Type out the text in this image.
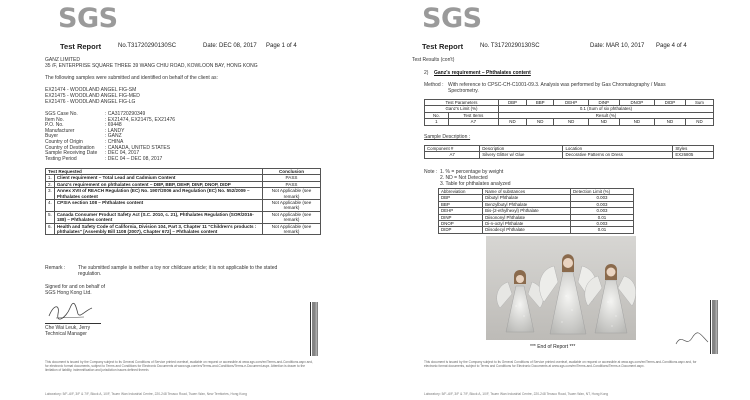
SGS
Test Report	No.T31720290130SC	Date: DEC 08, 2017 Page 1 of 4
GANZ LIMITED
35 /F, ENTERPRISE SQUARE THREE 39 WANG CHIU ROAD, KOWLOON BAY, HONG KONG
The following samples were submitted and identified on behalf of the client as:
EX21474 - WOODLAND ANGEL FIG-SM
EX21475 - WOODLAND ANGEL FIG-MED
EX21476 - WOODLAND ANGEL FIG-LG
SGS Case No.	: CA31720290349
Item No.	: EX21474, EX21475, EX21476
P.O. No.	: 69448
Manufacturer	: LANDY
Buyer	: GANZ
Country of Origin	: CHINA
Country of Destination : CANADA, UNITED STATES
Sample Receiving Date : DEC 04, 2017
Testing Period	: DEC 04 – DEC 08, 2017
Test Requested		Conclusion
1.	Client requirement – Total Lead and Cadmium Content	PASS
2.	Ganz's requirement on phthalates content – DBP, BBP, DEHP, DINP, DNOP, DIDP	PASS
3.	Annex XVII of REACH Regulation (EC) No. 1907/2006 and Regulation (EC) No. 552/2009 – Phthalates content	Not Applicable (see remark)
4.	CPSIA section 108 – Phthalates content	Not Applicable (see remark)
5.	Canada Consumer Product Safety Act (S.C. 2010, c. 21), Phthalates Regulation (SOR/2016-188) – Phthalates content	Not Applicable (see remark)
6.	Health and Safety Code of California, Division 104, Part 3, Chapter 11 "Children's products : phthalates" [Assembly Bill 1108 (2007), Chapter 672] – Phthalates content	Not Applicable (see remark)
Remark :	The submitted sample is neither a toy nor childcare article; it is not applicable to the stated
regulation.
Signed for and on behalf of
SGS Hong Kong Ltd.
Che Wai Leuk, Jerry
Technical Manager
This document is issued by the Company subject to its General Conditions of Service printed overleaf, available on request or accessible at www.sgs.com/en/Terms-and-Conditions.aspx and, for electronic format documents, subject to Terms and Conditions for Electronic Documents at www.sgs.com/en/Terms-and-Conditions/Terms-e-Document.aspx. Attention is drawn to the limitation of liability, indemnification and jurisdiction issues defined therein.
Laboratory: 5/F–6/F, 3/F & 7/F, Block A, 10/F, Tsuen Wan Industrial Centre, 220-248 Texaco Road, Tsuen Wan, New Territories, Hong Kong
SGS
Test Report	No. T31720290130SC	Date: MAR 10, 2017 Page 4 of 4
Test Results (con't)
2) Ganz's requirement – Phthalates content
Method : With reference to CPSC-CH-C1001-09.3. Analysis was performed by Gas Chromatography / Mass
Spectrometry.
Test Parameters		DBP	BBP	DEHP	DINP	DNOP	DIDP	Sum
Ganz's Limit (%)		0.1 (Sum of six phthalates)						
No.	Test Items	Result (%)						
1	A7	ND	ND	ND	ND	ND	ND	ND
Sample Description :
Component #	Description	Location	Styles
A7	Silvery Glitter w/ Glue	Decorative Patterns on Dress	EX26805
Note : 1. % = percentage by weight
2. ND = Not Detected
3. Table for phthalates analyzed
Abbreviation	Name of substances	Detection Limit (%)
DBP	Dibutyl Phthalate	0.003
BBP	Benzylbutyl Phthalate	0.003
DEHP	Bis-(2-ethylhexyl) Phthalate	0.003
DINP	Diisononyl Phthalate	0.01
DNOP	Di-n-octyl Phthalate	0.003
DIDP	Diisodecyl Phthalate	0.01
*** End of Report ***
This document is issued by the Company subject to its General Conditions of Service printed overleaf, available on request or accessible at www.sgs.com/en/Terms-and-Conditions.aspx and, for electronic format documents, subject to Terms and Conditions for Electronic Documents at www.sgs.com/en/Terms-and-Conditions/Terms-e-Document.aspx.
Laboratory: 5/F–6/F, 3/F & 7/F, Block A, 10/F, Tsuen Wan Industrial Centre, 220-248 Texaco Road, Tsuen Wan, NT, Hong Kong
